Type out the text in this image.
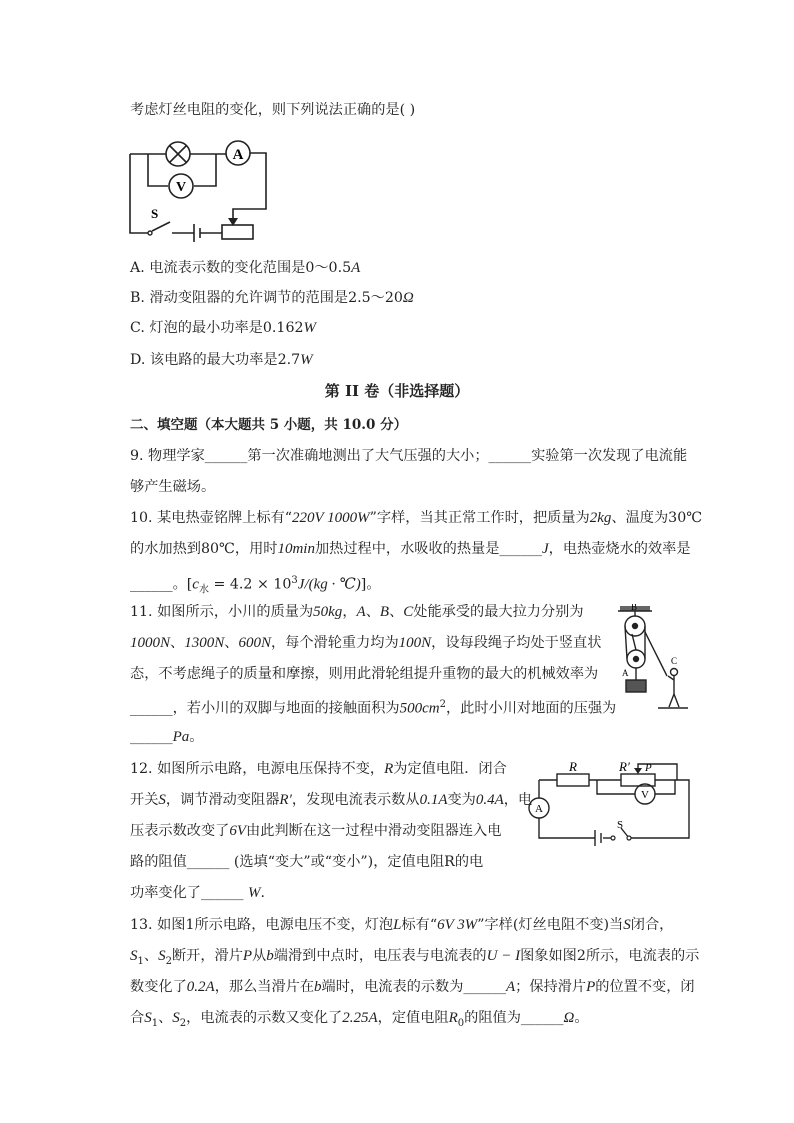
考虑灯丝电阻的变化，则下列说法正确的是( )
A
V
S
A. 电流表示数的变化范围是0～0.5A
B. 滑动变阻器的允许调节的范围是2.5～20Ω
C. 灯泡的最小功率是0.162W
D. 该电路的最大功率是2.7W
第 II 卷（非选择题）
二、填空题（本大题共 5 小题，共 10.0 分）
9. 物理学家______第一次准确地测出了大气压强的大小；______实验第一次发现了电流能
够产生磁场。
10. 某电热壶铭牌上标有“220V 1000W”字样，当其正常工作时，把质量为2kg、温度为30℃
的水加热到80℃，用时10min加热过程中，水吸收的热量是______J，电热壶烧水的效率是
______。[$c_水 = 4.2 \times 10^3J/(kg$ · ℃)]。
11. 如图所示，小川的质量为50kg，A、B、C处能承受的最大拉力分别为
1000N、1300N、600N，每个滑轮重力均为100N，设每段绳子均处于竖直状
态，不考虑绳子的质量和摩擦，则用此滑轮组提升重物的最大的机械效率为
______，若小川的双脚与地面的接触面积为$500cm^2$，此时小川对地面的压强为
______Pa。
B
A
C
12. 如图所示电路，电源电压保持不变，R为定值电阻．闭合
开关S，调节滑动变阻器R′，发现电流表示数从0.1A变为0.4A，电
压表示数改变了6V由此判断在这一过程中滑动变阻器连入电
路的阻值______ (选填“变大”或“变小”)，定值电阻R的电
功率变化了______ W.
R	R′ P
A
V
S
13. 如图1所示电路，电源电压不变，灯泡L标有“6V 3W”字样(灯丝电阻不变)当S闭合，
$S_1$、$S_2$断开，滑片P从b端滑到中点时，电压表与电流表的U − I图象如图2所示，电流表的示
数变化了0.2A，那么当滑片在b端时，电流表的示数为______A；保持滑片P的位置不变，闭
合$S_1$、$S_2$，电流表的示数又变化了2.25A，定值电阻$R_0$的阻值为______Ω。
